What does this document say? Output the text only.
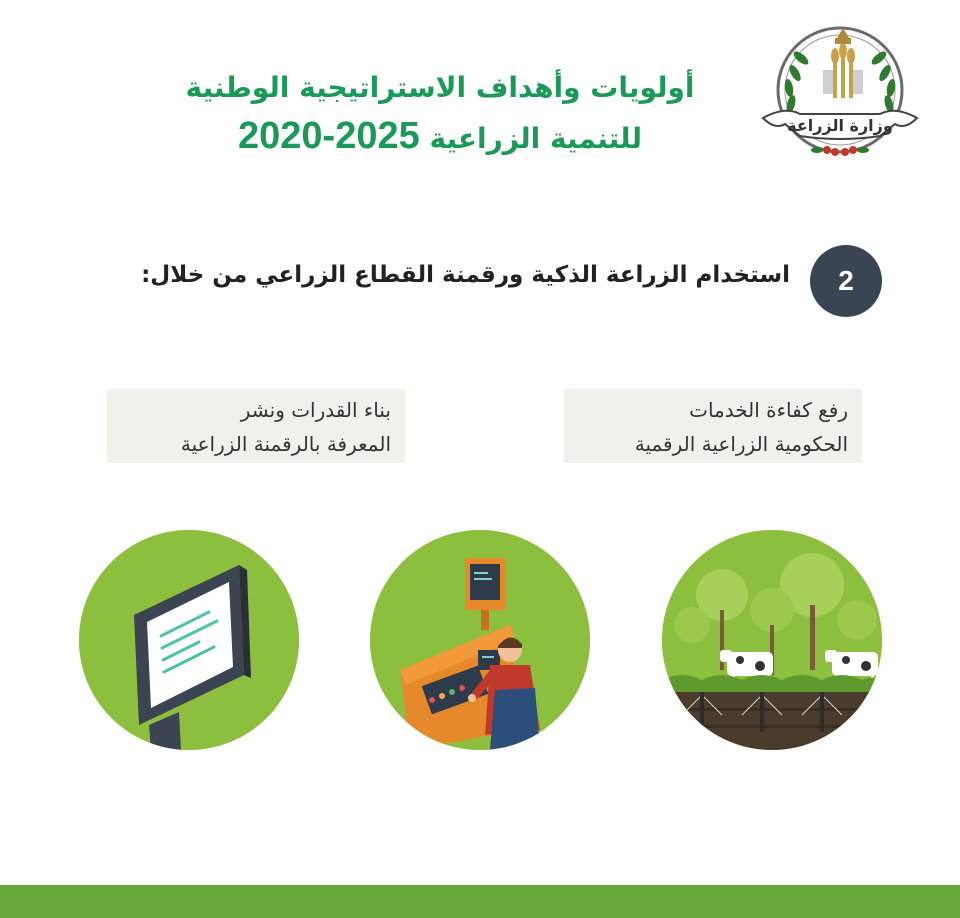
أولويات وأهداف الاستراتيجية الوطنية
للتنمية الزراعية 2020-2025	وزارة الزراعة
2
استخدام الزراعة الذكية ورقمنة القطاع الزراعي من خلال:
رفع كفاءة الخدمات
الحكومية الزراعية الرقمية
بناء القدرات ونشر
المعرفة بالرقمنة الزراعية
